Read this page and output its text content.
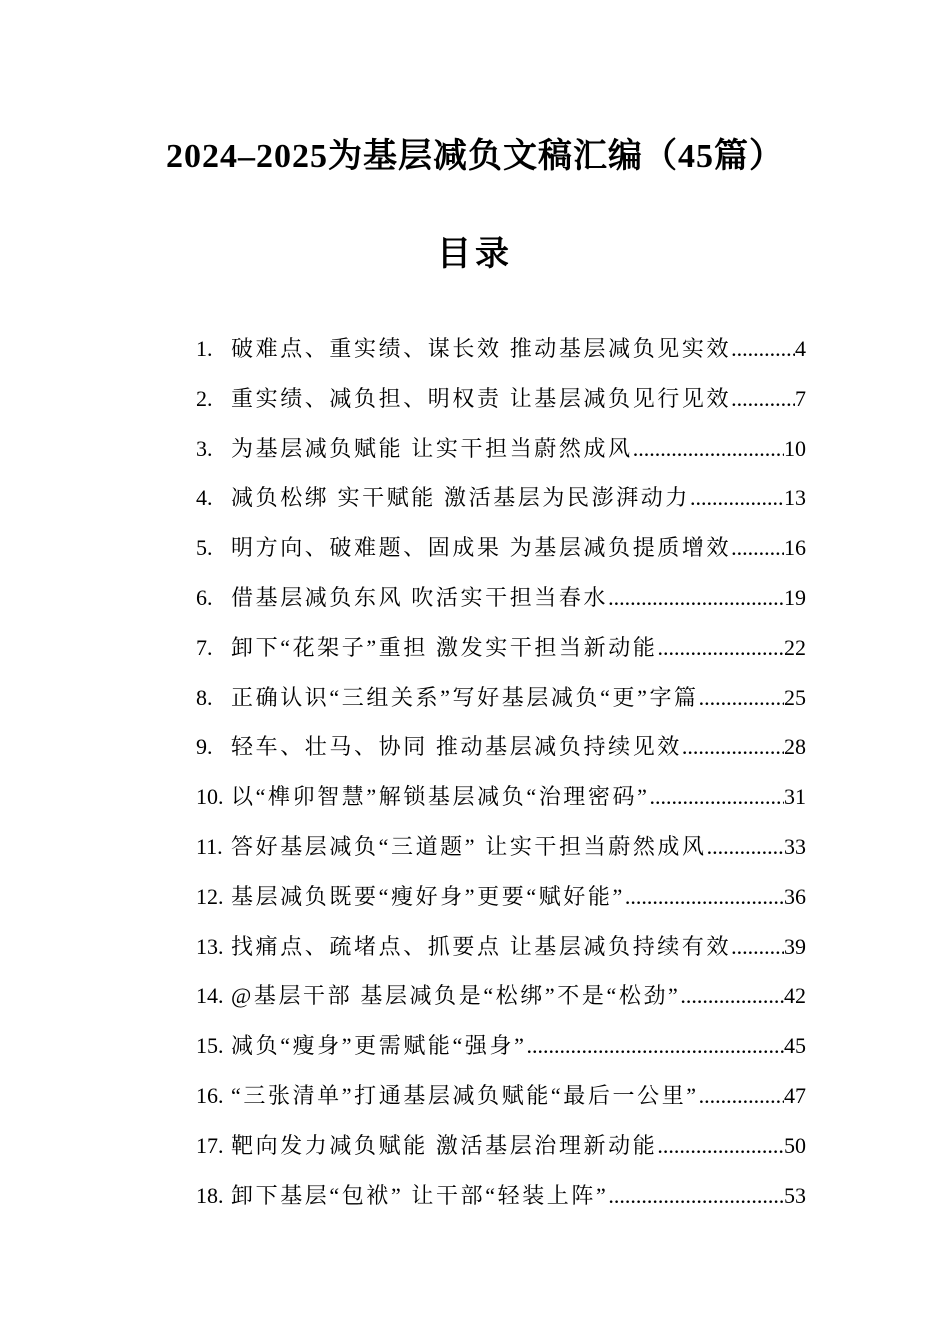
2024–2025为基层减负文稿汇编（45篇）
目录
1. 破难点、重实绩、谋长效 推动基层减负见实效 .....	4
2. 重实绩、减负担、明权责 让基层减负见行见效 .....	7
3. 为基层减负赋能 让实干担当蔚然成风 .....	10
4. 减负松绑 实干赋能 激活基层为民澎湃动力 .....	13
5. 明方向、破难题、固成果 为基层减负提质增效 ..... 16
6. 借基层减负东风 吹活实干担当春水 .....	19
7. 卸下“花架子”重担 激发实干担当新动能 .....	22
8. 正确认识“三组关系”写好基层减负“更”字篇 .....	25
9. 轻车、壮马、协同 推动基层减负持续见效 .....	28
10. 以“榫卯智慧”解锁基层减负“治理密码” .....	31
11. 答好基层减负“三道题” 让实干担当蔚然成风 .....	33
12. 基层减负既要“瘦好身”更要“赋好能” .....	36
13. 找痛点、疏堵点、抓要点 让基层减负持续有效 ..... 39
14. @基层干部 基层减负是“松绑”不是“松劲” .....	42
15. 减负“瘦身”更需赋能“强身” .....	45
16. “三张清单”打通基层减负赋能“最后一公里” .....	47
17. 靶向发力减负赋能 激活基层治理新动能 .....	50
18. 卸下基层“包袱” 让干部“轻装上阵” .....	53
